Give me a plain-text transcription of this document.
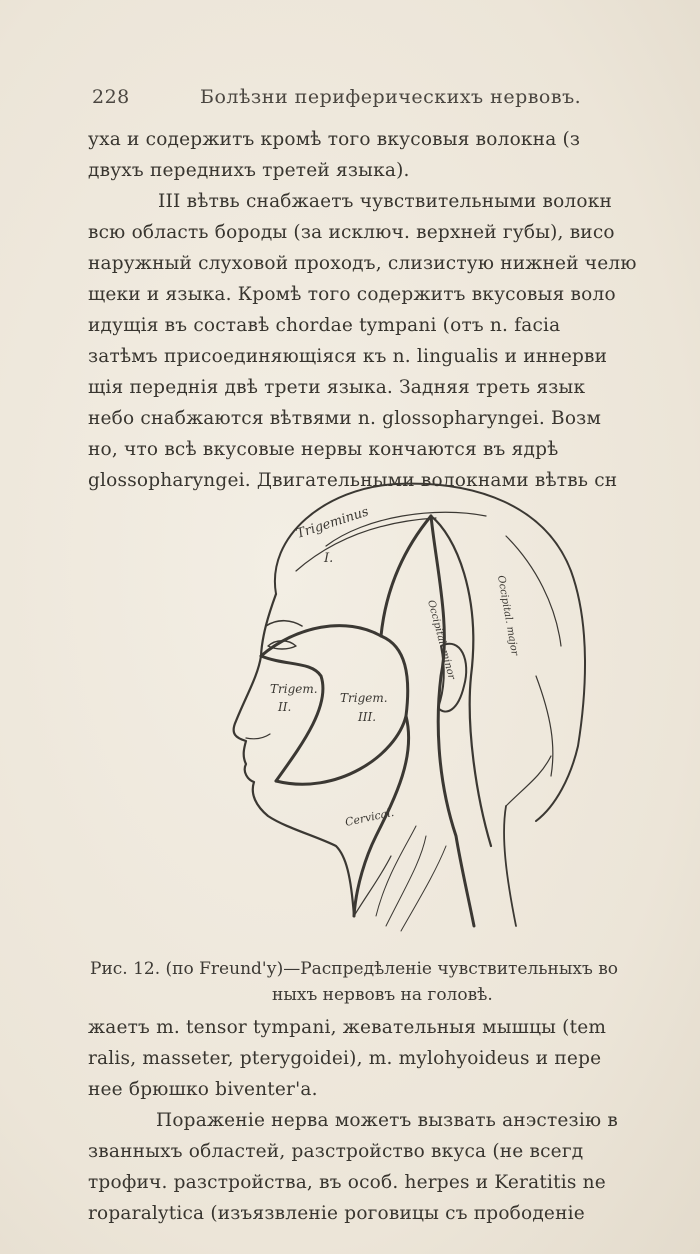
228	Болѣзни периферическихъ нервовъ.
уха и содержитъ кромѣ того вкусовыя волокна (з
двухъ переднихъ третей языка).
III вѣтвь снабжаетъ чувствительными волокн
всю область бороды (за исключ. верхней губы), висо
наружный слуховой проходъ, слизистую нижней челю
щеки и языка. Кромѣ того содержитъ вкусовыя воло
идущія въ составѣ chordae tympani (отъ n. facia
затѣмъ присоединяющіяся къ n. lingualis и иннерви
щія переднія двѣ трети языка. Задняя треть язык
небо снабжаются вѣтвями n. glossopharyngei. Возм
но, что всѣ вкусовые нервы кончаются въ ядрѣ
glossopharyngei. Двигательными волокнами вѣтвь сн
Trigeminus
I.
Trigem.
II.
Trigem.
III.
Cervical.
Occipital. minor	Occipital. major
Рис. 12. (по Freund'у)—Распредѣленіе чувствительныхъ во
ныхъ нервовъ на головѣ.
жаетъ m. tensor tympani, жевательныя мышцы (tem
ralis, masseter, pterygoidei), m. mylohyoideus и пере
нее брюшко biventer'a.
Пораженіе нерва можетъ вызвать анэстезію в
званныхъ областей, разстройство вкуса (не всегд
трофич. разстройства, въ особ. herpes и Keratitis ne
roparalytica (изъязвленіе роговицы съ прободеніе
